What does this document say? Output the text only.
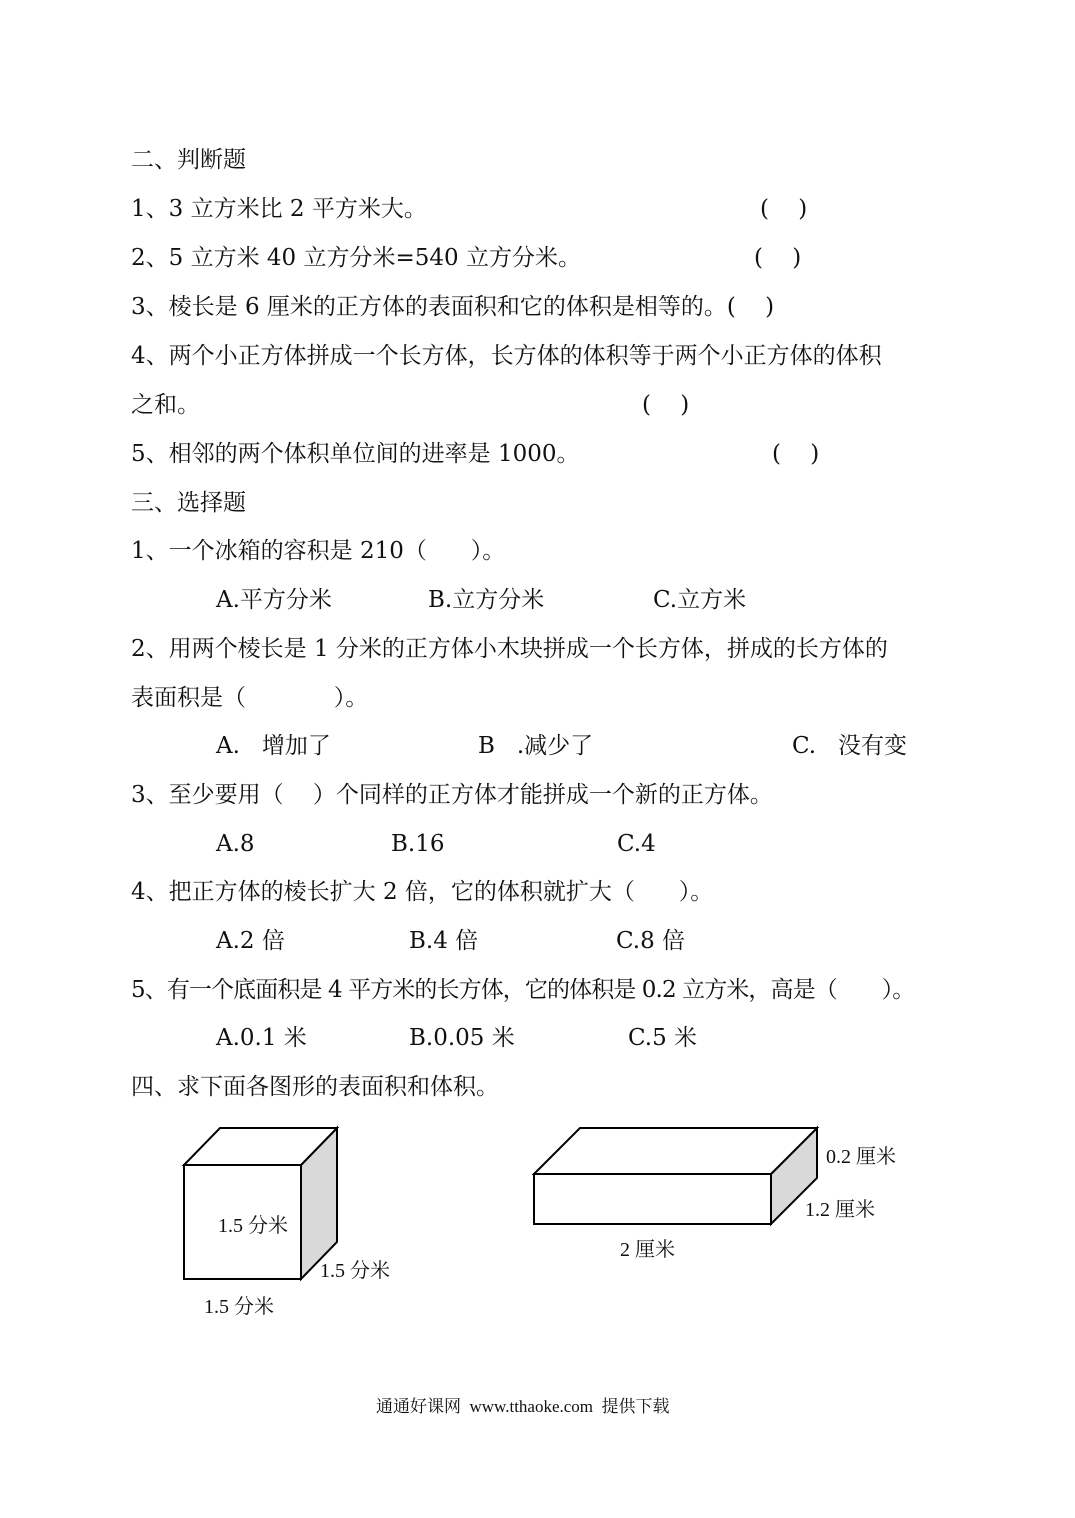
二、判断题
1、3 立方米比 2 平方米大。	(    )
2、5 立方米 40 立方分米=540 立方分米。	(    )
3、棱长是 6 厘米的正方体的表面积和它的体积是相等的。(    )
4、两个小正方体拼成一个长方体，长方体的体积等于两个小正方体的体积
之和。	(    )
5、相邻的两个体积单位间的进率是 1000。	(    )
三、选择题
1、一个冰箱的容积是 210（      ）。
A.平方分米	B.立方分米	C.立方米
2、用两个棱长是 1 分米的正方体小木块拼成一个长方体，拼成的长方体的
表面积是（            ）。
A.   增加了	B   .减少了	C.   没有变
3、至少要用（    ）个同样的正方体才能拼成一个新的正方体。
A.8	B.16	C.4
4、把正方体的棱长扩大 2 倍，它的体积就扩大（      ）。
A.2 倍	B.4 倍	C.8 倍
5、有一个底面积是 4 平方米的长方体，它的体积是 0.2 立方米，高是（       ）。
A.0.1 米	B.0.05 米	C.5 米
四、求下面各图形的表面积和体积。
1.5 分米
1.5 分米
1.5 分米
0.2 厘米
1.2 厘米
2 厘米
通通好课网  www.tthaoke.com  提供下载
